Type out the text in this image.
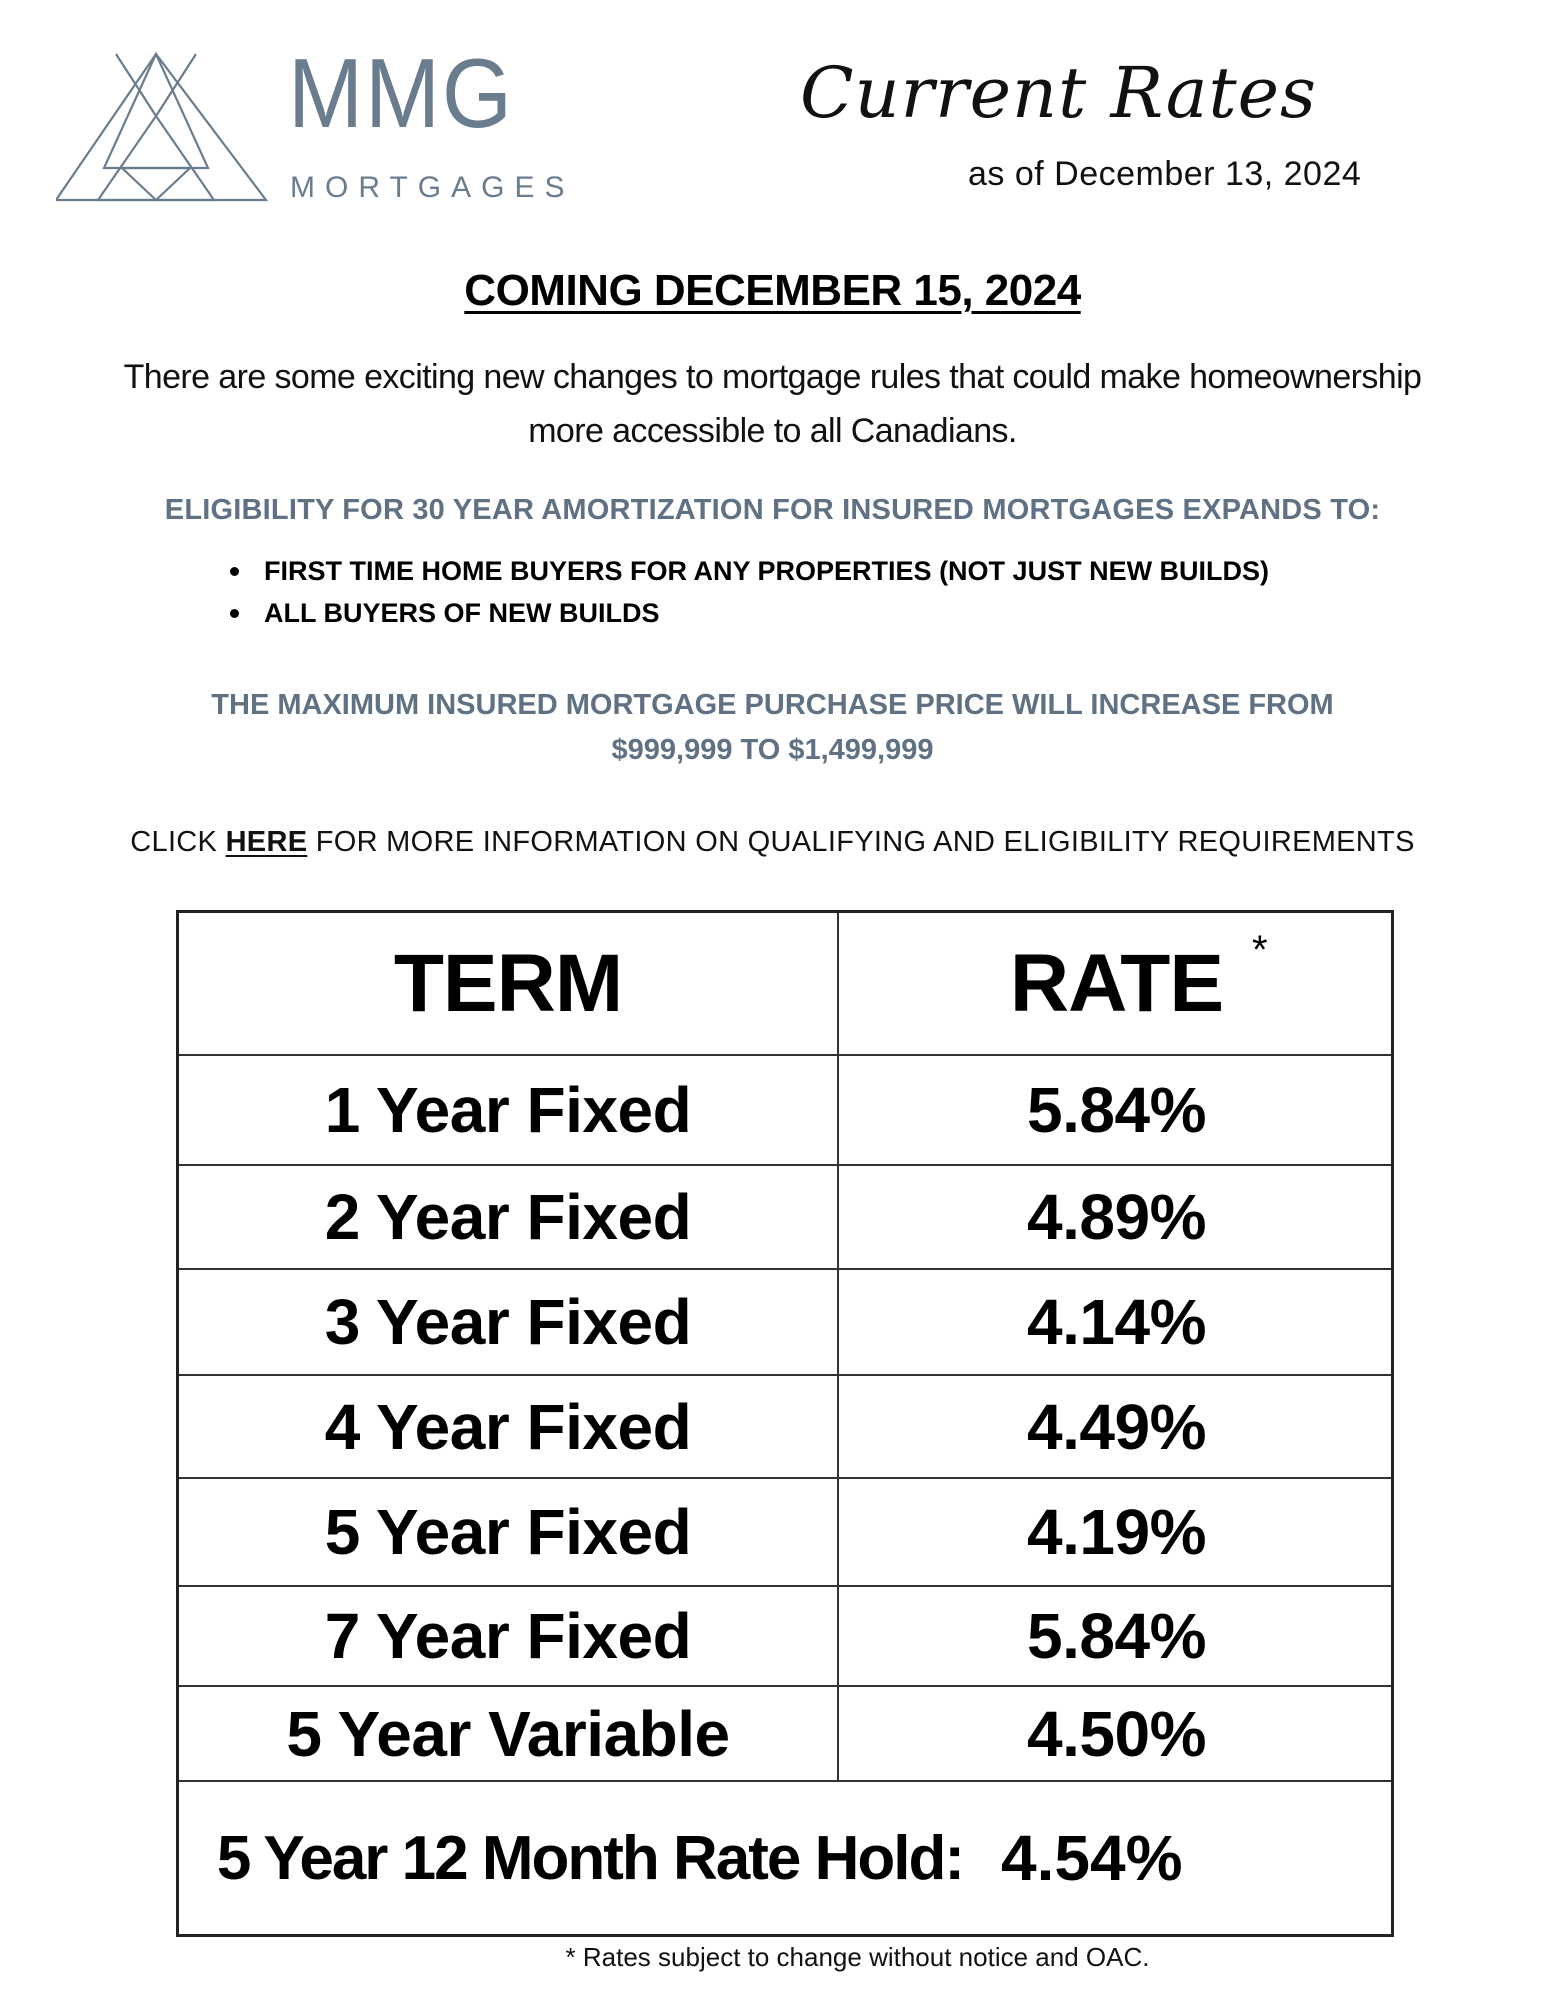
MMG
MORTGAGES
Current Rates
as of December 13, 2024
COMING DECEMBER 15, 2024
There are some exciting new changes to mortgage rules that could make homeownership more accessible to all Canadians.
ELIGIBILITY FOR 30 YEAR AMORTIZATION FOR INSURED MORTGAGES EXPANDS TO:
FIRST TIME HOME BUYERS FOR ANY PROPERTIES (NOT JUST NEW BUILDS)
ALL BUYERS OF NEW BUILDS
THE MAXIMUM INSURED MORTGAGE PURCHASE PRICE WILL INCREASE FROM
$999,999 TO $1,499,999
CLICK HERE FOR MORE INFORMATION ON QUALIFYING AND ELIGIBILITY REQUIREMENTS
TERM	RATE
1 Year Fixed	5.84%
2 Year Fixed	4.89%
3 Year Fixed	4.14%
4 Year Fixed	4.49%
5 Year Fixed	4.19%
7 Year Fixed	5.84%
5 Year Variable	4.50%
5 Year 12 Month Rate Hold: 4.54%
*
* Rates subject to change without notice and OAC.
